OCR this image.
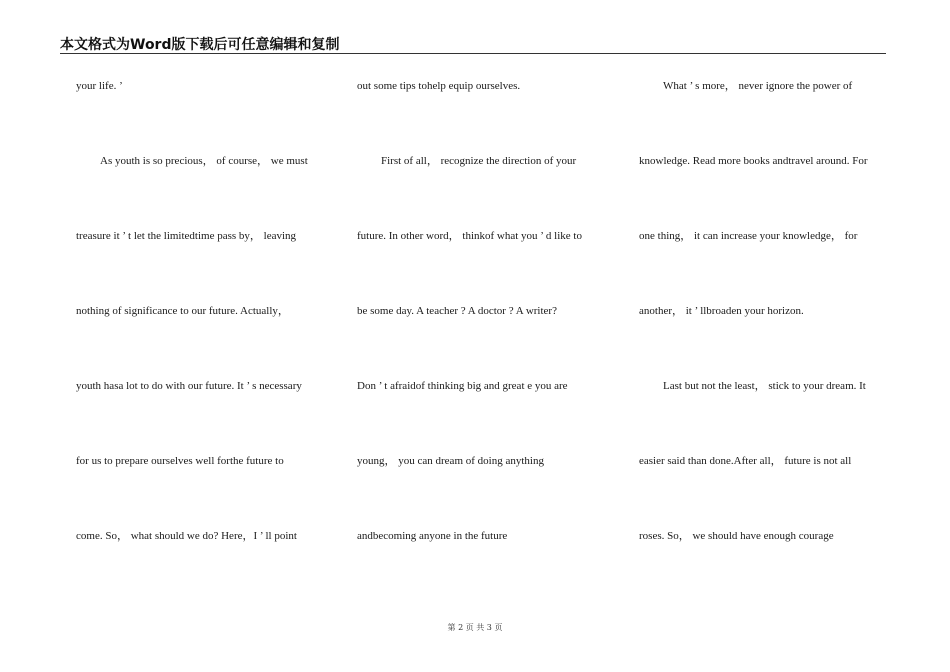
本文格式为Word版下载后可任意编辑和复制
your life. ’
As youth is so precious， of course， we must
treasure it ’ t let the limitedtime pass by， leaving
nothing of significance to our future. Actually，
youth hasa lot to do with our future. It ’ s necessary
for us to prepare ourselves well forthe future to
come. So， what should we do? Here，I ’ ll point
out some tips tohelp equip ourselves.
First of all， recognize the direction of your
future. In other word， thinkof what you ’ d like to
be some day. A teacher ? A doctor ? A writer?
Don ’ t afraidof thinking big and great e you are
young， you can dream of doing anything
andbecoming anyone in the future
What ’ s more， never ignore the power of
knowledge. Read more books andtravel around. For
one thing， it can increase your knowledge， for
another， it ’ llbroaden your horizon.
Last but not the least， stick to your dream. It
easier said than done.After all， future is not all
roses. So， we should have enough courage
第 2 页 共 3 页
